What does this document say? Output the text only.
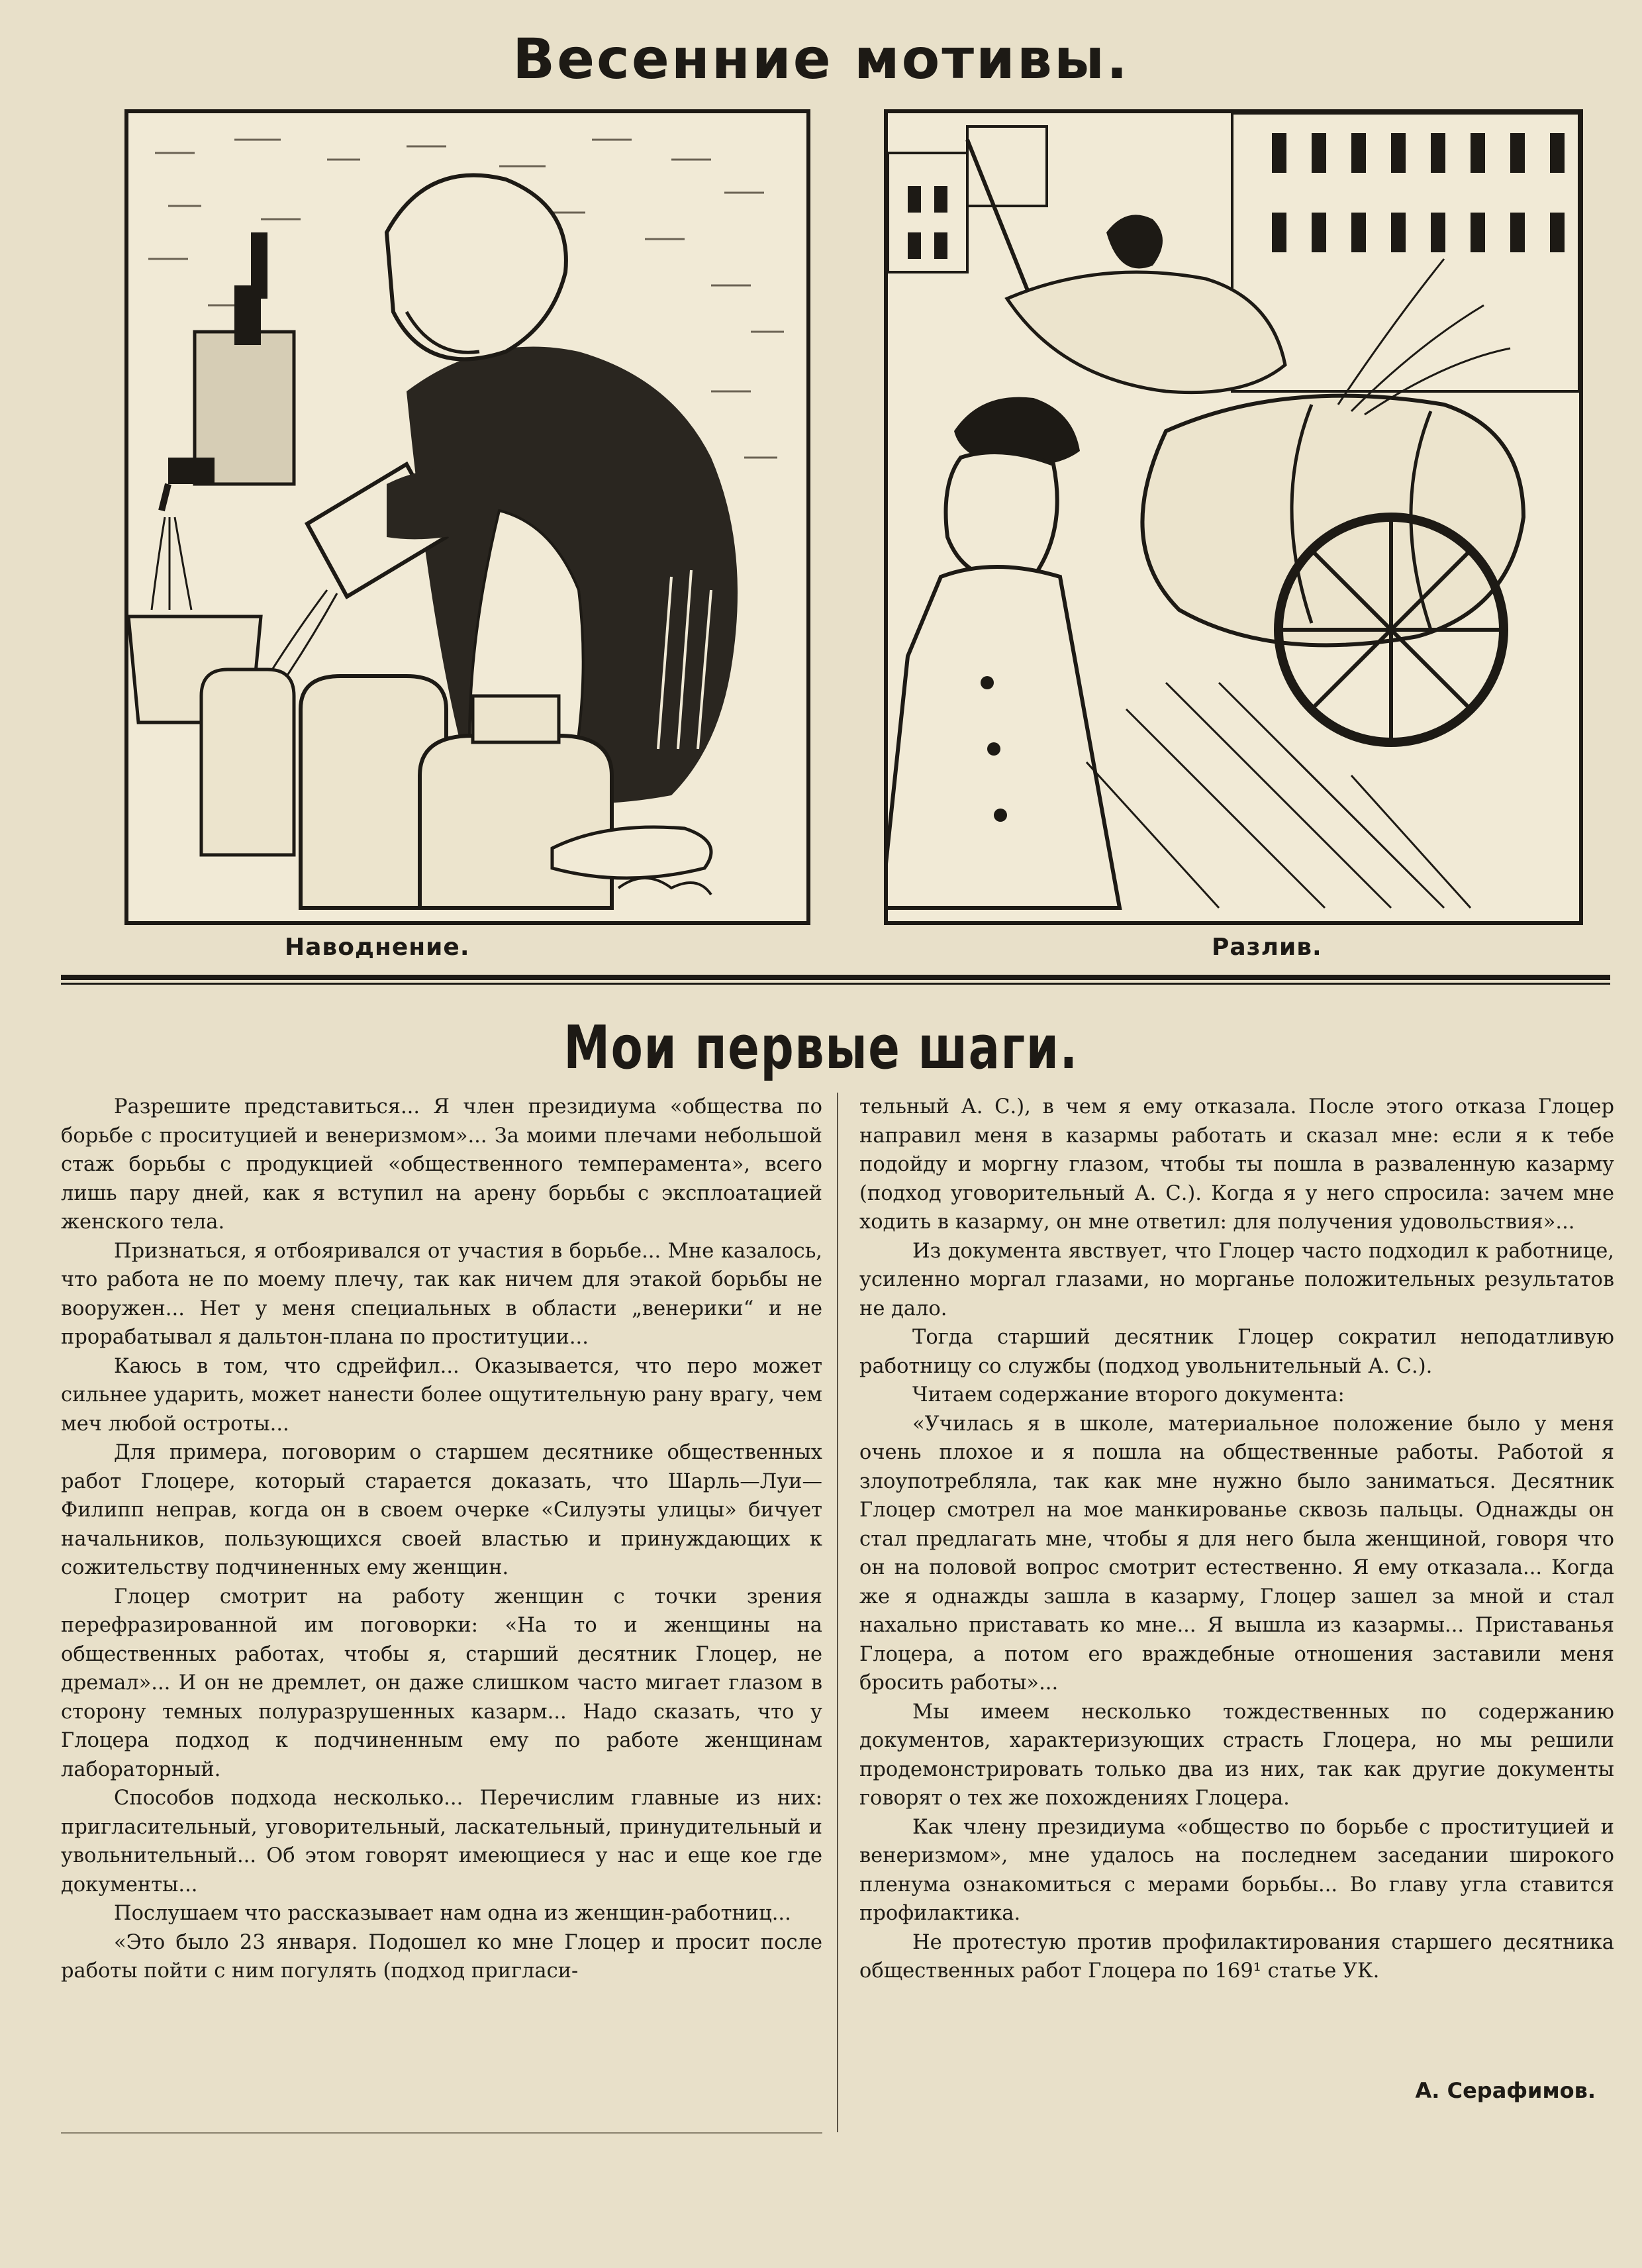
Весенние мотивы.
Наводнение.	Разлив.
Мои первые шаги.

Разрешите представиться... Я член президиума «общества по борьбе с проситуцией и венеризмом»... За моими плечами небольшой стаж борьбы с продукцией «общественного темперамента», всего лишь пару дней, как я вступил на арену борьбы с эксплоатацией женского тела.

Признаться, я отбояривался от участия в борьбе... Мне казалось, что работа не по моему плечу, так как ничем для этакой борьбы не вооружен... Нет у меня специальных в области „венерики“ и не прорабатывал я дальтон-плана по проституции...

Каюсь в том, что сдрейфил... Оказывается, что перо может сильнее ударить, может нанести более ощутительную рану врагу, чем меч любой остроты...

Для примера, поговорим о старшем десятнике общественных работ Глоцере, который старается доказать, что Шарль—Луи—Филипп неправ, когда он в своем очерке «Силуэты улицы» бичует начальников, пользующихся своей властью и принуждающих к сожительству подчиненных ему женщин.

Глоцер смотрит на работу женщин с точки зрения перефразированной им поговорки: «На то и женщины на общественных работах, чтобы я, старший десятник Глоцер, не дремал»... И он не дремлет, он даже слишком часто мигает глазом в сторону темных полуразрушенных казарм... Надо сказать, что у Глоцера подход к подчиненным ему по работе женщинам лабораторный.

Способов подхода несколько... Перечислим главные из них: пригласительный, уговорительный, ласкательный, принудительный и увольнительный... Об этом говорят имеющиеся у нас и еще кое где документы...

Послушаем что рассказывает нам одна из женщин-работниц...

«Это было 23 января. Подошел ко мне Глоцер и просит после работы пойти с ним погулять (подход пригласи-

тельный А. С.), в чем я ему отказала. После этого отказа Глоцер направил меня в казармы работать и сказал мне: если я к тебе подойду и моргну глазом, чтобы ты пошла в развалeнную казарму (подход уговорительный А. С.). Когда я у него спросила: зачем мне ходить в казарму, он мне ответил: для получения удовольствия»...

Из документа явствует, что Глоцер часто подходил к работнице, усиленно моргал глазами, но морганье положительных результатов не дало.

Тогда старший десятник Глоцер сократил неподатливую работницу со службы (подход увольнительный А. С.).

Читаем содержание второго документа:

«Училась я в школе, материальное положение было у меня очень плохое и я пошла на общественные работы. Работой я злоупотребляла, так как мне нужно было заниматься. Десятник Глоцер смотрел на мое манкированье сквозь пальцы. Однажды он стал предлагать мне, чтобы я для него была женщиной, говоря что он на половой вопрос смотрит естественно. Я ему отказала... Когда же я однажды зашла в казарму, Глоцер зашел за мной и стал нахально приставать ко мне... Я вышла из казармы... Приставанья Глоцера, а потом его враждебные отношения заставили меня бросить работы»...

Мы имеем несколько тождественных по содержанию документов, характеризующих страсть Глоцера, но мы решили продемонстрировать только два из них, так как другие документы говорят о тех же похождениях Глоцера.

Как члену президиума «общество по борьбе с проституцией и венеризмом», мне удалось на последнем заседании широкого пленума ознакомиться с мерами борьбы... Во главу угла ставится профилактика.

Не протестую против профилактирования старшего десятника общественных работ Глоцера по 169¹ статье УК.

А. Серафимов.
